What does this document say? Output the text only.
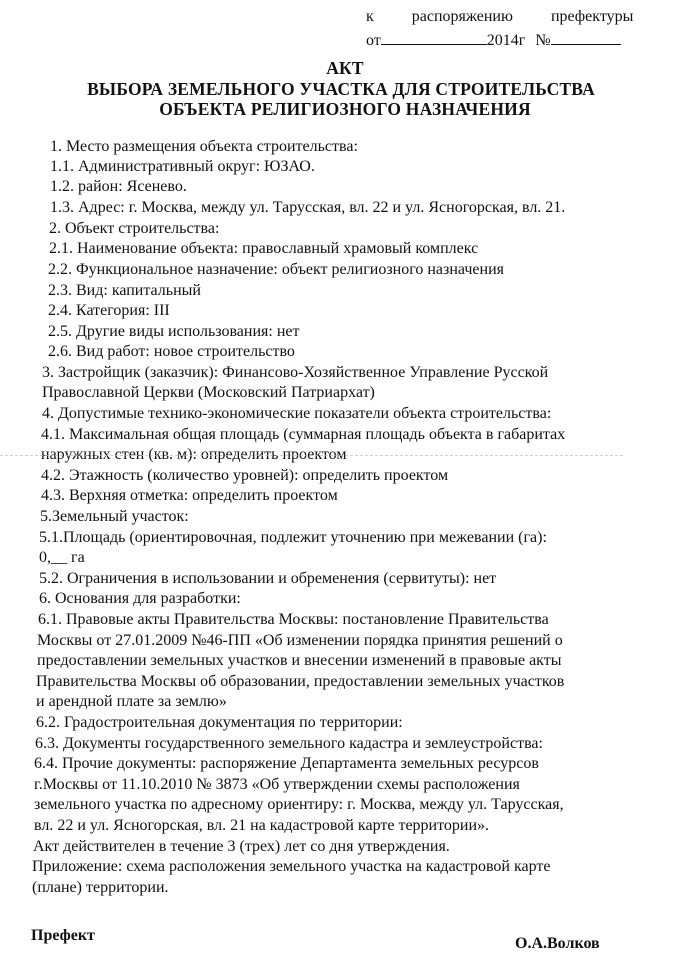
к распоряжению префектуры
от	2014г №
АКТ
ВЫБОРА ЗЕМЕЛЬНОГО УЧАСТКА ДЛЯ СТРОИТЕЛЬСТВА
ОБЪЕКТА РЕЛИГИОЗНОГО НАЗНАЧЕНИЯ
1. Место размещения объекта строительства:
1.1. Административный округ: ЮЗАО.
1.2. район: Ясенево.
1.3. Адрес: г. Москва, между ул. Тарусская, вл. 22 и ул. Ясногорская, вл. 21.
2. Объект строительства:
2.1. Наименование объекта: православный храмовый комплекс
2.2. Функциональное назначение: объект религиозного назначения
2.3. Вид: капитальный
2.4. Категория: III
2.5. Другие виды использования: нет
2.6. Вид работ: новое строительство
3. Застройщик (заказчик): Финансово-Хозяйственное Управление Русской
Православной Церкви (Московский Патриархат)
4. Допустимые технико-экономические показатели объекта строительства:
4.1. Максимальная общая площадь (суммарная площадь объекта в габаритах
наружных стен (кв. м): определить проектом
4.2. Этажность (количество уровней): определить проектом
4.3. Верхняя отметка: определить проектом
5.Земельный участок:
5.1.Площадь (ориентировочная, подлежит уточнению при межевании (га):
0,__ га
5.2. Ограничения в использовании и обременения (сервитуты): нет
6. Основания для разработки:
6.1. Правовые акты Правительства Москвы: постановление Правительства
Москвы от 27.01.2009 №46-ПП «Об изменении порядка принятия решений о
предоставлении земельных участков и внесении изменений в правовые акты
Правительства Москвы об образовании, предоставлении земельных участков
и арендной плате за землю»
6.2. Градостроительная документация по территории:
6.3. Документы государственного земельного кадастра и землеустройства:
6.4. Прочие документы: распоряжение Департамента земельных ресурсов
г.Москвы от 11.10.2010 № 3873 «Об утверждении схемы расположения
земельного участка по адресному ориентиру: г. Москва, между ул. Тарусская,
вл. 22 и ул. Ясногорская, вл. 21 на кадастровой карте территории».
Акт действителен в течение 3 (трех) лет со дня утверждения.
Приложение: схема расположения земельного участка на кадастровой карте
(плане) территории.
Префект	О.А.Волков
